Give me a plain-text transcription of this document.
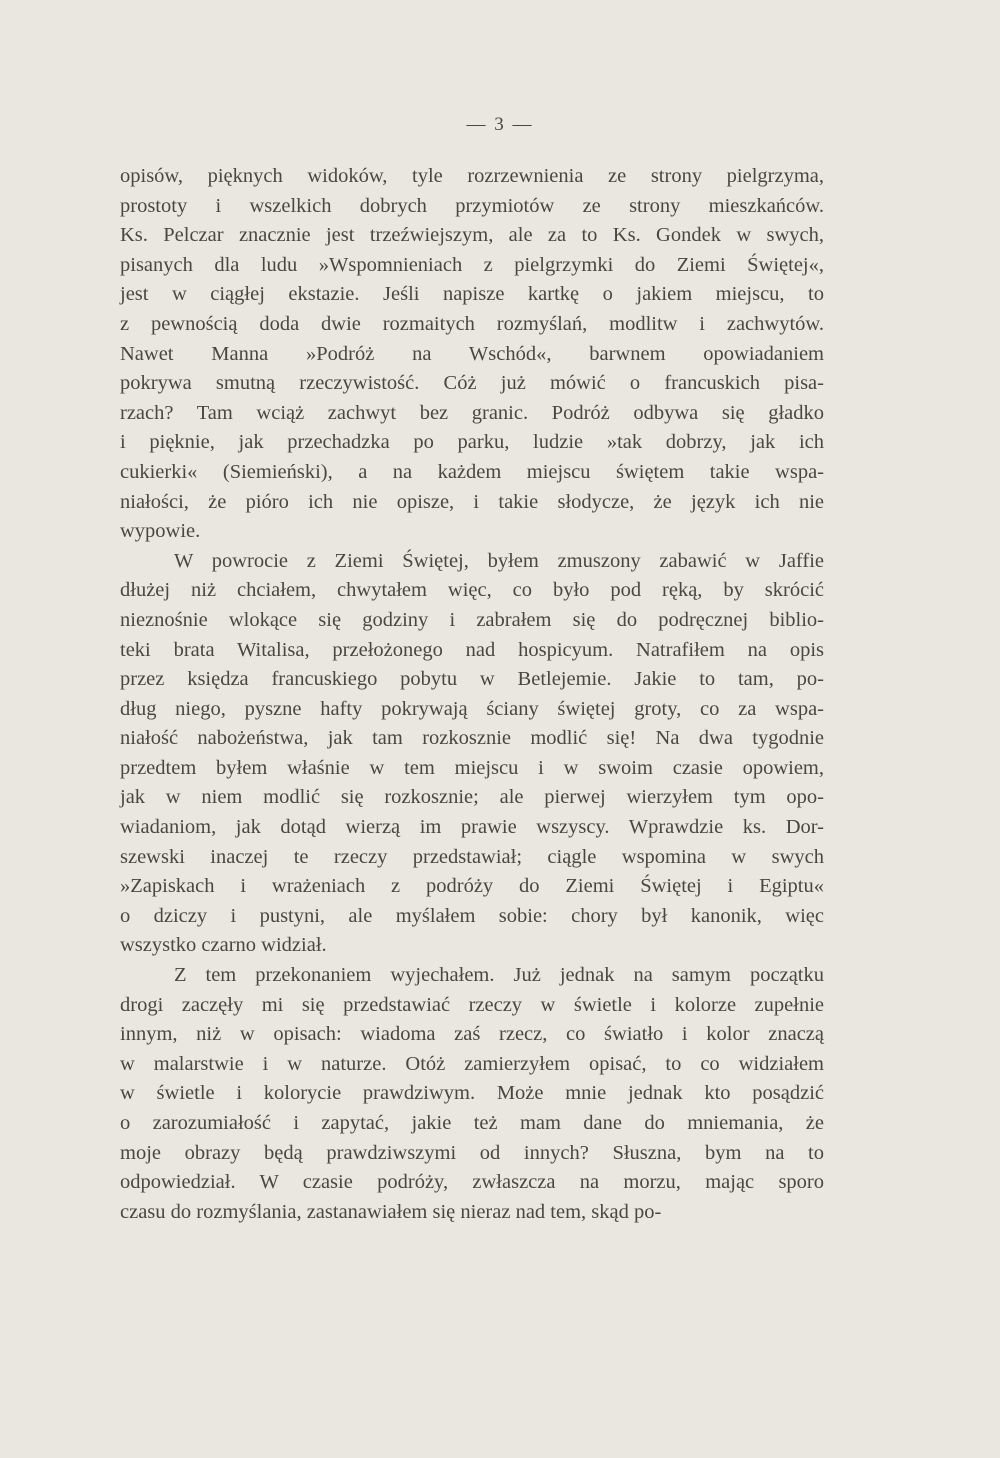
— 3 —
opisów, pięknych widoków, tyle rozrzewnienia ze strony pielgrzyma,
prostoty i wszelkich dobrych przymiotów ze strony mieszkańców.
Ks. Pelczar znacznie jest trzeźwiejszym, ale za to Ks. Gondek w swych,
pisanych dla ludu »Wspomnieniach z pielgrzymki do Ziemi Świętej«,
jest w ciągłej ekstazie. Jeśli napisze kartkę o jakiem miejscu, to
z pewnością doda dwie rozmaitych rozmyślań, modlitw i zachwytów.
Nawet Manna »Podróż na Wschód«, barwnem opowiadaniem
pokrywa smutną rzeczywistość. Cóż już mówić o francuskich pisa-
rzach? Tam wciąż zachwyt bez granic. Podróż odbywa się gładko
i pięknie, jak przechadzka po parku, ludzie »tak dobrzy, jak ich
cukierki« (Siemieński), a na każdem miejscu świętem takie wspa-
niałości, że pióro ich nie opisze, i takie słodycze, że język ich nie
wypowie.
W powrocie z Ziemi Świętej, byłem zmuszony zabawić w Jaffie
dłużej niż chciałem, chwytałem więc, co było pod ręką, by skrócić
nieznośnie wlokące się godziny i zabrałem się do podręcznej biblio-
teki brata Witalisa, przełożonego nad hospicyum. Natrafiłem na opis
przez księdza francuskiego pobytu w Betlejemie. Jakie to tam, po-
dług niego, pyszne hafty pokrywają ściany świętej groty, co za wspa-
niałość nabożeństwa, jak tam rozkosznie modlić się! Na dwa tygodnie
przedtem byłem właśnie w tem miejscu i w swoim czasie opowiem,
jak w niem modlić się rozkosznie; ale pierwej wierzyłem tym opo-
wiadaniom, jak dotąd wierzą im prawie wszyscy. Wprawdzie ks. Dor-
szewski inaczej te rzeczy przedstawiał; ciągle wspomina w swych
»Zapiskach i wrażeniach z podróży do Ziemi Świętej i Egiptu«
o dziczy i pustyni, ale myślałem sobie: chory był kanonik, więc
wszystko czarno widział.
Z tem przekonaniem wyjechałem. Już jednak na samym początku
drogi zaczęły mi się przedstawiać rzeczy w świetle i kolorze zupełnie
innym, niż w opisach: wiadoma zaś rzecz, co światło i kolor znaczą
w malarstwie i w naturze. Otóż zamierzyłem opisać, to co widziałem
w świetle i kolorycie prawdziwym. Może mnie jednak kto posądzić
o zarozumiałość i zapytać, jakie też mam dane do mniemania, że
moje obrazy będą prawdziwszymi od innych? Słuszna, bym na to
odpowiedział. W czasie podróży, zwłaszcza na morzu, mając sporo
czasu do rozmyślania, zastanawiałem się nieraz nad tem, skąd po-
